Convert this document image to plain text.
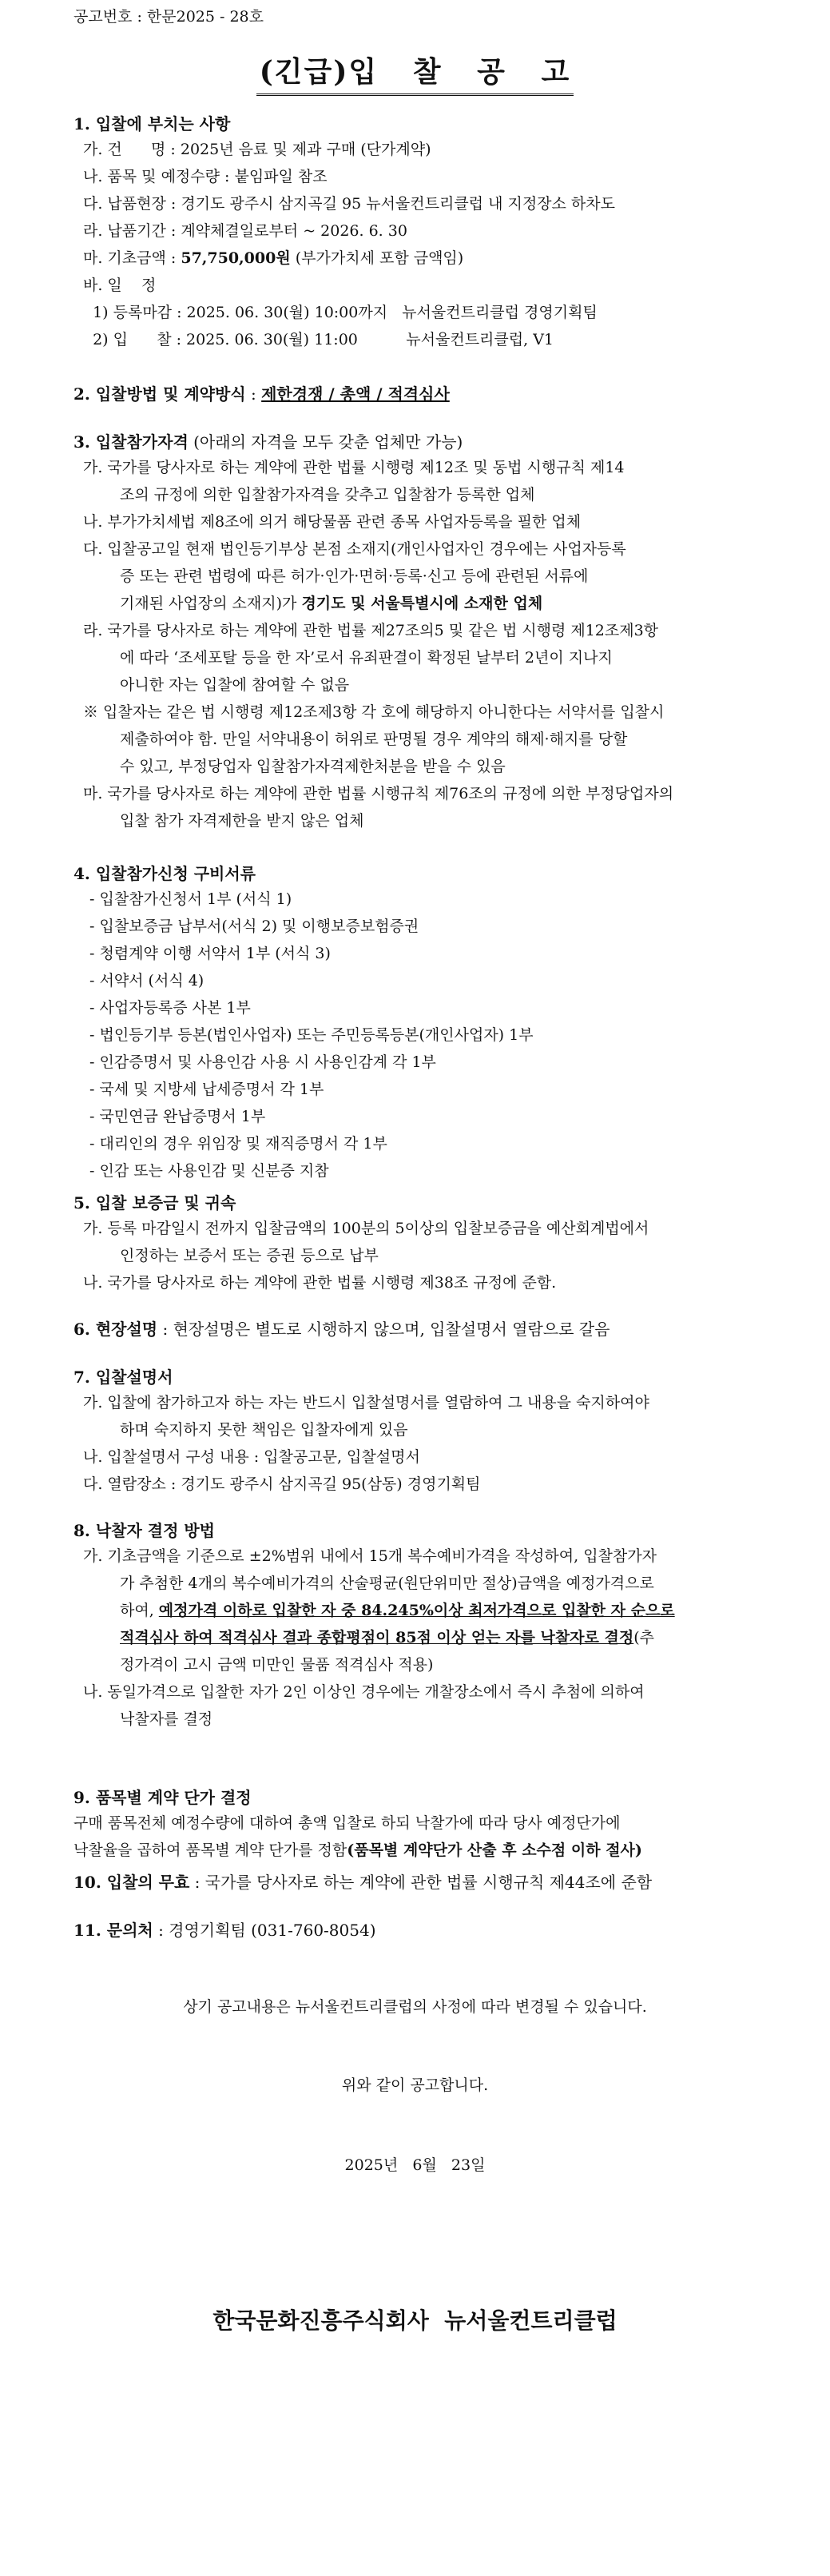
공고번호 : 한문2025 - 28호
(긴급)입   찰   공   고
1. 입찰에 부치는 사항
가. 건      명 : 2025년 음료 및 제과 구매 (단가계약)
나. 품목 및 예정수량 : 붙임파일 참조
다. 납품현장 : 경기도 광주시 삼지곡길 95 뉴서울컨트리클럽 내 지정장소 하차도
라. 납품기간 : 계약체결일로부터 ~ 2026. 6. 30
마. 기초금액 : 57,750,000원 (부가가치세 포함 금액임)
바. 일    정
1) 등록마감 : 2025. 06. 30(월) 10:00까지   뉴서울컨트리클럽 경영기획팀
2) 입      찰 : 2025. 06. 30(월) 11:00          뉴서울컨트리클럽, V1
2. 입찰방법 및 계약방식 : 제한경쟁 / 총액 / 적격심사
3. 입찰참가자격 (아래의 자격을 모두 갖춘 업체만 가능)
가. 국가를 당사자로 하는 계약에 관한 법률 시행령 제12조 및 동법 시행규칙 제14
조의 규정에 의한 입찰참가자격을 갖추고 입찰참가 등록한 업체
나. 부가가치세법 제8조에 의거 해당물품 관련 종목 사업자등록을 필한 업체
다. 입찰공고일 현재 법인등기부상 본점 소재지(개인사업자인 경우에는 사업자등록
증 또는 관련 법령에 따른 허가·인가·면허·등록·신고 등에 관련된 서류에
기재된 사업장의 소재지)가 경기도 및 서울특별시에 소재한 업체
라. 국가를 당사자로 하는 계약에 관한 법률 제27조의5 및 같은 법 시행령 제12조제3항
에 따라 ‘조세포탈 등을 한 자’로서 유죄판결이 확정된 날부터 2년이 지나지
아니한 자는 입찰에 참여할 수 없음
※ 입찰자는 같은 법 시행령 제12조제3항 각 호에 해당하지 아니한다는 서약서를 입찰시
제출하여야 함. 만일 서약내용이 허위로 판명될 경우 계약의 해제·해지를 당할
수 있고, 부정당업자 입찰참가자격제한처분을 받을 수 있음
마. 국가를 당사자로 하는 계약에 관한 법률 시행규칙 제76조의 규정에 의한 부정당업자의
입찰 참가 자격제한을 받지 않은 업체
4. 입찰참가신청 구비서류
- 입찰참가신청서 1부 (서식 1)
- 입찰보증금 납부서(서식 2) 및 이행보증보험증권
- 청렴계약 이행 서약서 1부 (서식 3)
- 서약서 (서식 4)
- 사업자등록증 사본 1부
- 법인등기부 등본(법인사업자) 또는 주민등록등본(개인사업자) 1부
- 인감증명서 및 사용인감 사용 시 사용인감계 각 1부
- 국세 및 지방세 납세증명서 각 1부
- 국민연금 완납증명서 1부
- 대리인의 경우 위임장 및 재직증명서 각 1부
- 인감 또는 사용인감 및 신분증 지참
5. 입찰 보증금 및 귀속
가. 등록 마감일시 전까지 입찰금액의 100분의 5이상의 입찰보증금을 예산회계법에서
인정하는 보증서 또는 증권 등으로 납부
나. 국가를 당사자로 하는 계약에 관한 법률 시행령 제38조 규정에 준함.
6. 현장설명 : 현장설명은 별도로 시행하지 않으며, 입찰설명서 열람으로 갈음
7. 입찰설명서
가. 입찰에 참가하고자 하는 자는 반드시 입찰설명서를 열람하여 그 내용을 숙지하여야
하며 숙지하지 못한 책임은 입찰자에게 있음
나. 입찰설명서 구성 내용 : 입찰공고문, 입찰설명서
다. 열람장소 : 경기도 광주시 삼지곡길 95(삼동) 경영기획팀
8. 낙찰자 결정 방법
가. 기초금액을 기준으로 ±2%범위 내에서 15개 복수예비가격을 작성하여, 입찰참가자
가 추첨한 4개의 복수예비가격의 산술평균(원단위미만 절상)금액을 예정가격으로
하여, 예정가격 이하로 입찰한 자 중 84.245%이상 최저가격으로 입찰한 자 순으로
적격심사 하여 적격심사 결과 종합평점이 85점 이상 얻는 자를 낙찰자로 결정(추
정가격이 고시 금액 미만인 물품 적격심사 적용)
나. 동일가격으로 입찰한 자가 2인 이상인 경우에는 개찰장소에서 즉시 추첨에 의하여
낙찰자를 결정
9. 품목별 계약 단가 결정
구매 품목전체 예정수량에 대하여 총액 입찰로 하되 낙찰가에 따라 당사 예정단가에
낙찰율을 곱하여 품목별 계약 단가를 정함(품목별 계약단가 산출 후 소수점 이하 절사)
10. 입찰의 무효 : 국가를 당사자로 하는 계약에 관한 법률 시행규칙 제44조에 준함
11. 문의처 : 경영기획팀 (031-760-8054)
상기 공고내용은 뉴서울컨트리클럽의 사정에 따라 변경될 수 있습니다.
위와 같이 공고합니다.
2025년   6월   23일
한국문화진흥주식회사  뉴서울컨트리클럽
